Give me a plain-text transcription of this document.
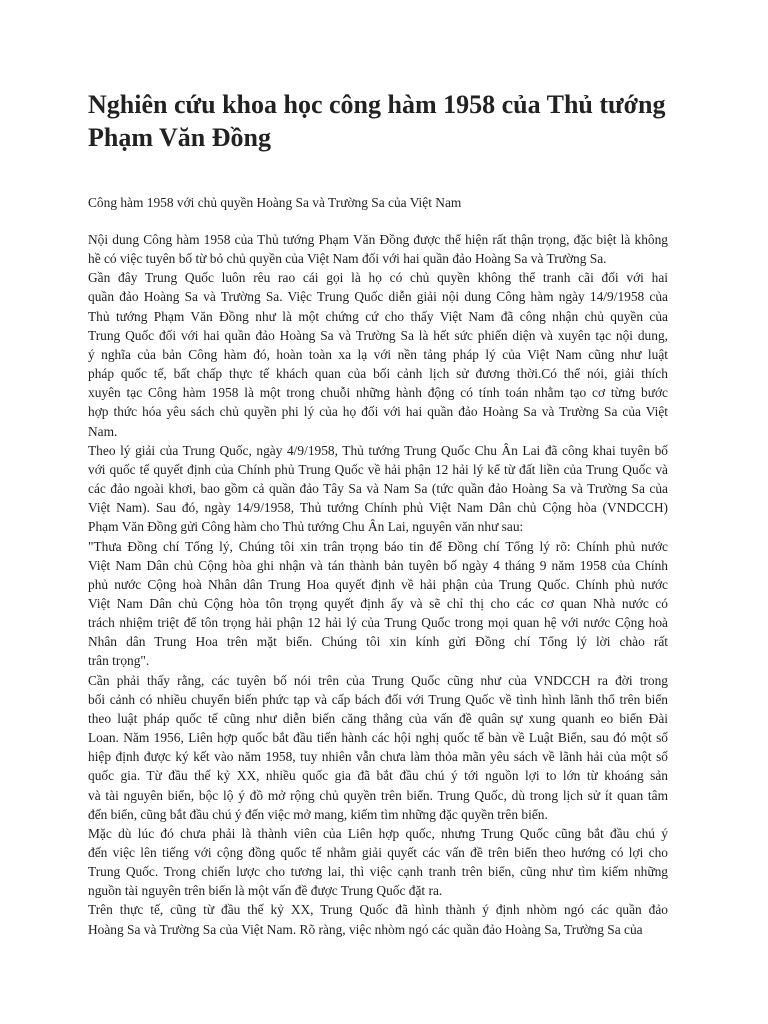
Nghiên cứu khoa học công hàm 1958 của Thủ tướng
Phạm Văn Đồng

Công hàm 1958 với chủ quyền Hoàng Sa và Trường Sa của Việt Nam

Nội dung Công hàm 1958 của Thủ tướng Phạm Văn Đồng được thể hiện rất thận trọng, đặc biệt là không
hề có việc tuyên bố từ bỏ chủ quyền của Việt Nam đối với hai quần đảo Hoàng Sa và Trường Sa.
Gần đây Trung Quốc luôn rêu rao cái gọi là họ có chủ quyền không thể tranh cãi đối với hai
quần đảo Hoàng Sa và Trường Sa. Việc Trung Quốc diễn giải nội dung Công hàm ngày 14/9/1958 của
Thủ tướng Phạm Văn Đồng như là một chứng cứ cho thấy Việt Nam đã công nhận chủ quyền của
Trung Quốc đối với hai quần đảo Hoàng Sa và Trường Sa là hết sức phiến diện và xuyên tạc nội dung,
ý nghĩa của bản Công hàm đó, hoàn toàn xa lạ với nền tảng pháp lý của Việt Nam cũng như luật
pháp quốc tế, bất chấp thực tế khách quan của bối cảnh lịch sử đương thời.Có thể nói, giải thích
xuyên tạc Công hàm 1958 là một trong chuỗi những hành động có tính toán nhằm tạo cơ từng bước
hợp thức hóa yêu sách chủ quyền phi lý của họ đối với hai quần đảo Hoàng Sa và Trường Sa của Việt
Nam.
Theo lý giải của Trung Quốc, ngày 4/9/1958, Thủ tướng Trung Quốc Chu Ân Lai đã công khai tuyên bố
với quốc tế quyết định của Chính phủ Trung Quốc về hải phận 12 hải lý kể từ đất liền của Trung Quốc và
các đảo ngoài khơi, bao gồm cả quần đảo Tây Sa và Nam Sa (tức quần đảo Hoàng Sa và Trường Sa của
Việt Nam). Sau đó, ngày 14/9/1958, Thủ tướng Chính phủ Việt Nam Dân chủ Cộng hòa (VNDCCH)
Phạm Văn Đồng gửi Công hàm cho Thủ tướng Chu Ân Lai, nguyên văn như sau:
"Thưa Đồng chí Tổng lý, Chúng tôi xin trân trọng báo tin để Đồng chí Tổng lý rõ: Chính phủ nước
Việt Nam Dân chủ Cộng hòa ghi nhận và tán thành bản tuyên bố ngày 4 tháng 9 năm 1958 của Chính
phủ nước Cộng hoà Nhân dân Trung Hoa quyết định về hải phận của Trung Quốc. Chính phủ nước
Việt Nam Dân chủ Cộng hòa tôn trọng quyết định ấy và sẽ chỉ thị cho các cơ quan Nhà nước có
trách nhiệm triệt để tôn trọng hải phận 12 hải lý của Trung Quốc trong mọi quan hệ với nước Cộng hoà
Nhân dân Trung Hoa trên mặt biển. Chúng tôi xin kính gửi Đồng chí Tổng lý lời chào rất
trân trọng".
Cần phải thấy rằng, các tuyên bố nói trên của Trung Quốc cũng như của VNDCCH ra đời trong
bối cảnh có nhiều chuyển biến phức tạp và cấp bách đối với Trung Quốc về tình hình lãnh thổ trên biển
theo luật pháp quốc tế cũng như diễn biến căng thẳng của vấn đề quân sự xung quanh eo biển Đài
Loan. Năm 1956, Liên hợp quốc bắt đầu tiến hành các hội nghị quốc tế bàn về Luật Biển, sau đó một số
hiệp định được ký kết vào năm 1958, tuy nhiên vẫn chưa làm thỏa mãn yêu sách về lãnh hải của một số
quốc gia. Từ đầu thế kỷ XX, nhiều quốc gia đã bắt đầu chú ý tới nguồn lợi to lớn từ khoáng sản
và tài nguyên biển, bộc lộ ý đồ mở rộng chủ quyền trên biển. Trung Quốc, dù trong lịch sử ít quan tâm
đến biển, cũng bắt đầu chú ý đến việc mở mang, kiếm tìm những đặc quyền trên biển.
Mặc dù lúc đó chưa phải là thành viên của Liên hợp quốc, nhưng Trung Quốc cũng bắt đầu chú ý
đến việc lên tiếng với cộng đồng quốc tế nhằm giải quyết các vấn đề trên biển theo hướng có lợi cho
Trung Quốc. Trong chiến lược cho tương lai, thì việc cạnh tranh trên biển, cũng như tìm kiếm những
nguồn tài nguyên trên biển là một vấn đề được Trung Quốc đặt ra.
Trên thực tế, cũng từ đầu thế kỷ XX, Trung Quốc đã hình thành ý định nhòm ngó các quần đảo
Hoàng Sa và Trường Sa của Việt Nam. Rõ ràng, việc nhòm ngó các quần đảo Hoàng Sa, Trường Sa của
